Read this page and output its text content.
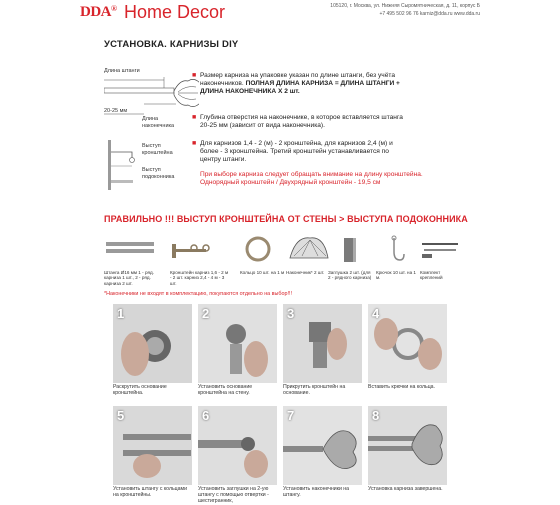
DDA® Home Decor	105120, г. Москва, ул. Нижняя Сыромятническая, д. 11, корпус Б
+7 495 502 96 76 karniz@dda.ru www.dda.ru
УСТАНОВКА. КАРНИЗЫ DIY
Длина штанги
20-25 мм
Длина наконечника
Выступ кронштейна
Выступ подоконника
■ Размер карниза на упаковке указан по длине штанги, без учёта наконечников. ПОЛНАЯ ДЛИНА КАРНИЗА = ДЛИНА ШТАНГИ + ДЛИНА НАКОНЕЧНИКА Х 2 шт.
■ Глубина отверстия на наконечнике, в которое вставляется штанга 20-25 мм (зависит от вида наконечника).
■ Для карнизов 1,4 - 2 (м) - 2 кронштейна, для карнизов 2,4 (м) и более - 3 кронштейна. Третий кронштейн устанавливается по центру штанги.
При выборе карниза следует обращать внимание на длину кронштейна. Однорядный кронштейн / Двухрядный кронштейн - 19,5 см
ПРАВИЛЬНО !!! ВЫСТУП КРОНШТЕЙНА ОТ СТЕНЫ > ВЫСТУПА ПОДОКОННИКА
Штанга Ø16 мм 1 - ряд. карниза 1 шт., 2 - ряд. карниза 2 шт.
Кронштейн карниз 1,6 - 2 м - 2 шт. карниз 2,4 - 4 м - 3 шт.
Кольцо 10 шт. на 1 м Наконечник* 2 шт. Заглушка 2 шт. (для 2 - рядного карниза)
Крючок 10 шт. на 1 м.
Комплект креплений
*Наконечники не входят в комплектацию, покупаются отдельно на выбор!!!
1	2	3	4
Раскрутить основание кронштейна.
Установить основание кронштейна на стену.
Прикрутить кронштейн на основание.
Вставить крючки на кольца.
5	6	7	8
Установить штангу с кольцами на кронштейны.
Установить заглушки на 2-ую штангу с помощью отвертки - шестигранник,
Установить наконечники на штангу.
Установка карниза завершена.
